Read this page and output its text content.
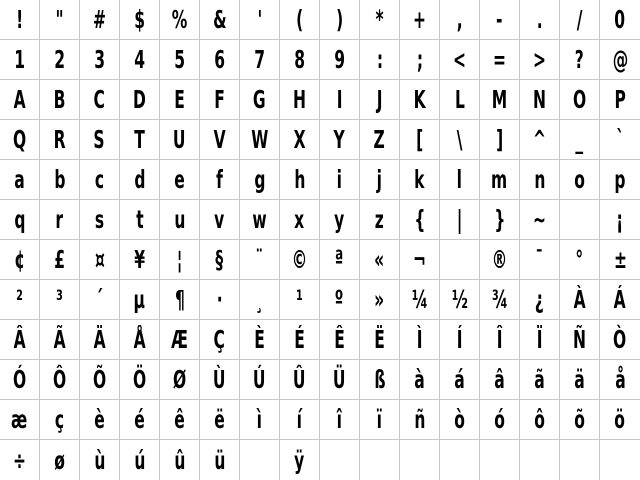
! " # $ % & ' ( ) * + , - . / 0
1 2 3 4 5 6 7 8 9 : ; < = > ? @
A B C D E F G H I J K L M N O P
Q R S T U V W X Y Z [ \ ] ^ _ `
a b c d e f g h i j k l m n o p
q r s t u v w x y z { | } ~	¡
¢ £ ¤ ¥ ¦ § ¨ © ª « ¬	® ¯ ° ±
² ³ ´ µ ¶ · ¸ ¹ º » ¼ ½ ¾ ¿ À Á
Â Ã Ä Å Æ Ç È É Ê Ë Ì Í Î Ï Ñ Ò
Ó Ô Õ Ö Ø Ù Ú Û Ü ß à á â ã ä å
æ ç è é ê ë ì í î ï ñ ò ó ô õ ö
÷ ø ù ú û ü	ÿ
